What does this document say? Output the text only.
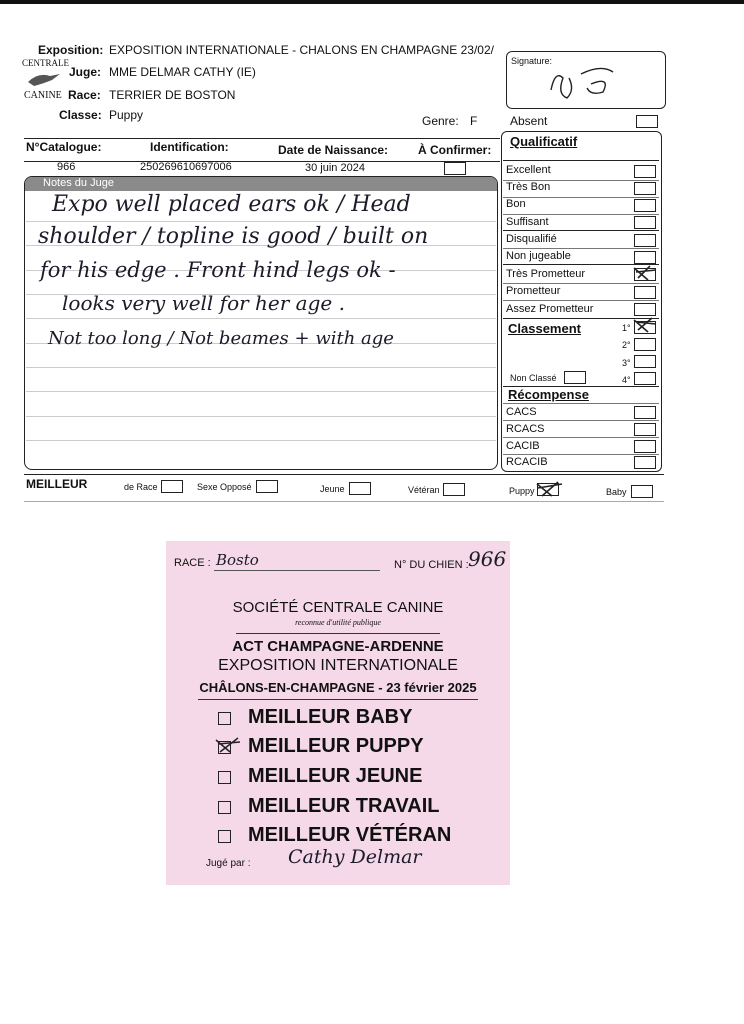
CENTRALE
CANINE
Exposition: EXPOSITION INTERNATIONALE - CHALONS EN CHAMPAGNE 23/02/
Juge: MME DELMAR CATHY (IE)
Race: TERRIER DE BOSTON
Classe: Puppy	Genre: F	Absent
Signature:
N°Catalogue:	Identification:	Date de Naissance: À Confirmer:
966	250269610697006	30 juin 2024
Notes du Juge
Expo well placed ears ok / Head
shoulder / topline is good / built on
for his edge . Front hind legs ok -
looks very well for her age .
Not too long / Not beames + with age
Qualificatif
Excellent
Très Bon
Bon
Suffisant
Disqualifié
Non jugeable
Très Prometteur
Prometteur
Assez Prometteur
Classement	1°
2°
3°
Non Classé	4°
Récompense
CACS
RCACS
CACIB
RCACIB
MEILLEUR	de Race	Sexe Opposé	Jeune	Vétéran	Puppy	Baby
RACE : Bosto	N° DU CHIEN : 966
SOCIÉTÉ CENTRALE CANINE
reconnue d'utilité publique
ACT CHAMPAGNE-ARDENNE
EXPOSITION INTERNATIONALE
CHÂLONS-EN-CHAMPAGNE - 23 février 2025
MEILLEUR BABY
MEILLEUR PUPPY
MEILLEUR JEUNE
MEILLEUR TRAVAIL
MEILLEUR VÉTÉRAN
Jugé par : Cathy Delmar
